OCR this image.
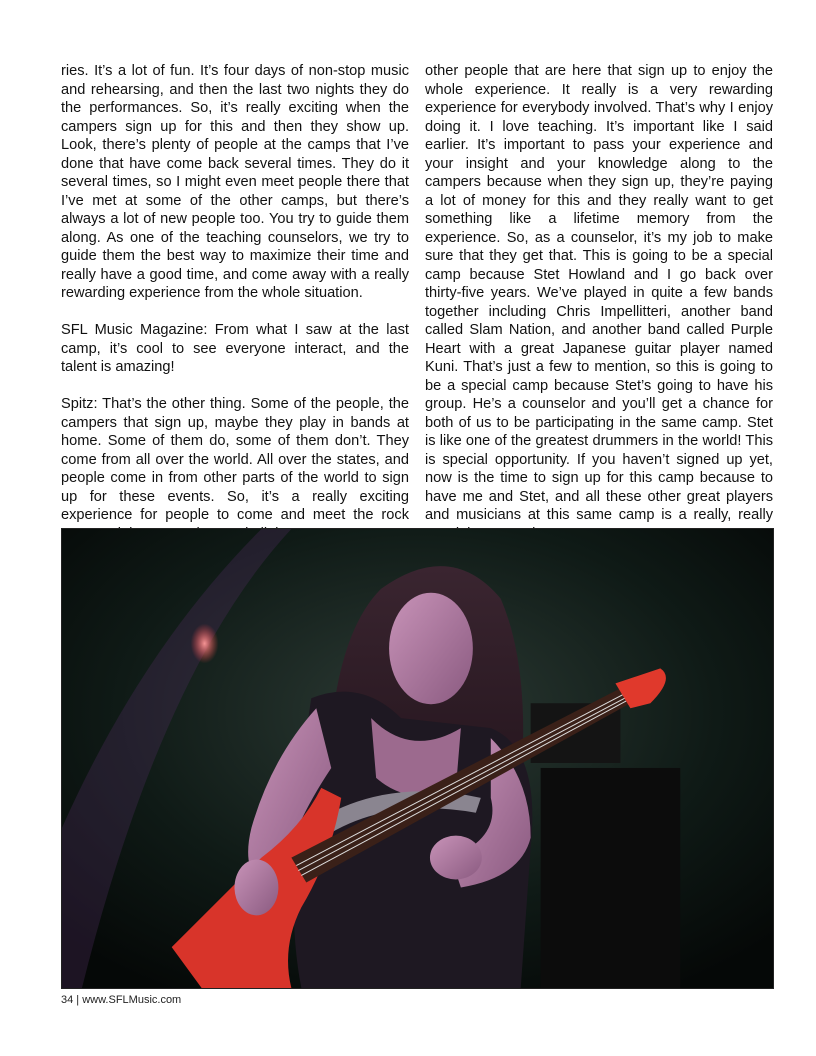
ries. It’s a lot of fun. It’s four days of non-stop music and rehearsing, and then the last two nights they do the performances. So, it’s really exciting when the campers sign up for this and then they show up. Look, there’s plenty of people at the camps that I’ve done that have come back several times. They do it several times, so I might even meet people there that I’ve met at some of the other camps, but there’s always a lot of new people too. You try to guide them along. As one of the teaching counselors, we try to guide them the best way to maximize their time and really have a good time, and come away with a really rewarding experience from the whole situation.

SFL Music Magazine: From what I saw at the last camp, it’s cool to see everyone interact, and the talent is amazing!

Spitz: That’s the other thing. Some of the people, the campers that sign up, maybe they play in bands at home. Some of them do, some of them don’t. They come from all over the world. All over the states, and people come in from other parts of the world to sign up for these events. So, it’s a really exciting experience for people to come and meet the rock

other people that are here that sign up to enjoy the whole experience. It really is a very rewarding experience for everybody involved. That’s why I enjoy doing it. I love teaching. It’s important like I said earlier. It’s important to pass your experience and your insight and your knowledge along to the campers because when they sign up, they’re paying a lot of money for this and they really want to get something like a lifetime memory from the experience. So, as a counselor, it’s my job to make sure that they get that. This is going to be a special camp because Stet Howland and I go back over thirty-five years. We’ve played in quite a few bands together including Chris Impellitteri, another band called Slam Nation, and another band called Purple Heart with a great Japanese guitar player named Kuni. That’s just a few to mention, so this is going to be a special camp because Stet’s going to have his group. He’s a counselor and you’ll get a chance for both of us to be participating in the same camp. Stet is like one of the greatest drummers in the world! This is special opportunity. If you haven’t signed up yet, now is the time to sign up for this camp because to have me and Stet, and all these other great players and musicians at this same camp is a really, really

34 | www.SFLMusic.com
